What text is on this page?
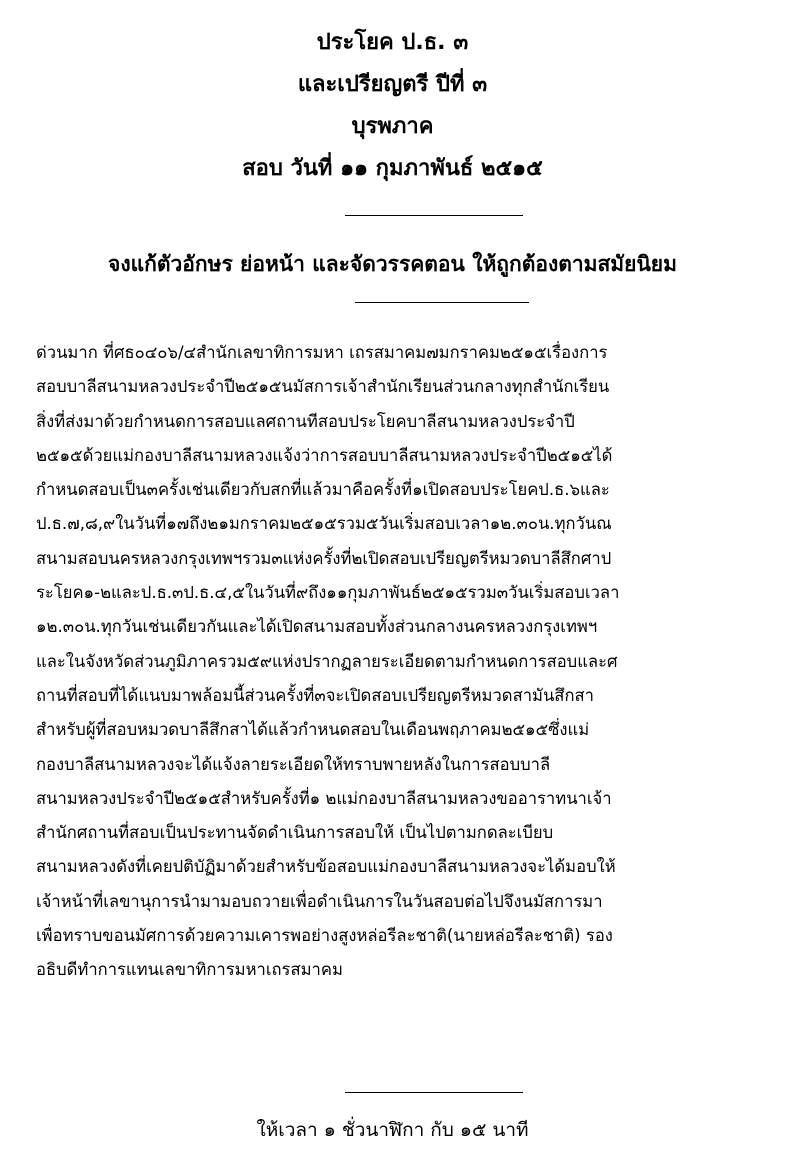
ประโยค ป.ธ. ๓
และเปรียญตรี ปีที่ ๓
บุรพภาค
สอบ วันที่ ๑๑ กุมภาพันธ์ ๒๕๑๕
จงแก้ตัวอักษร ย่อหน้า และจัดวรรคตอน ให้ถูกต้องตามสมัยนิยม
ด่วนมาก ที่ศธ๐๔๐๖/๔สำนักเลขาทิการมหา เถรสมาคม๗มกราคม๒๕๑๕เรื่องการ
สอบบาลีสนามหลวงประจำปี๒๕๑๕นมัสการเจ้าสำนักเรียนส่วนกลางทุกสำนักเรียน
สิ่งที่ส่งมาด้วยกำหนดการสอบแลศถานทีสอบประโยคบาลีสนามหลวงประจำปี
๒๕๑๕ด้วยแม่กองบาลีสนามหลวงแจ้งว่าการสอบบาลีสนามหลวงประจำปี๒๕๑๕ได้
กำหนดสอบเป็น๓ครั้งเช่นเดียวกับสกที่แล้วมาคือครั้งที่๑เปิดสอบประโยคป.ธ.๖และ
ป.ธ.๗,๘,๙ในวันที่๑๗ถึง๒๑มกราคม๒๕๑๕รวม๕วันเริ่มสอบเวลา๑๒.๓๐น.ทุกวันณ
สนามสอบนครหลวงกรุงเทพฯรวม๓แห่งครั้งที่๒เปิดสอบเปรียญตรีหมวดบาลีสึกศาป
ระโยค๑-๒และป.ธ.๓ป.ธ.๔,๕ในวันที่๙ถึง๑๑กุมภาพันธ์๒๕๑๕รวม๓วันเริ่มสอบเวลา
๑๒.๓๐น.ทุกวันเช่นเดียวกันและได้เปิดสนามสอบทั้งส่วนกลางนครหลวงกรุงเทพฯ
และในจังหวัดส่วนภูมิภาครวม๕๙แห่งปรากฏลายระเอียดตามกำหนดการสอบและศ
ถานที่สอบที่ได้แนบมาพล้อมนี้ส่วนครั้งที่๓จะเปิดสอบเปรียญตรีหมวดสามันสึกสา
สำหรับผู้ที่สอบหมวดบาลีสึกสาได้แล้วกำหนดสอบในเดือนพฤภาคม๒๕๑๕ซึ่งแม่
กองบาลีสนามหลวงจะได้แจ้งลายระเอียดให้ทราบพายหลังในการสอบบาลี
สนามหลวงประจำปี๒๕๑๕สำหรับครั้งที่๑ ๒แม่กองบาลีสนามหลวงขออาราทนาเจ้า
สำนักศถานที่สอบเป็นประทานจัดดำเนินการสอบให้ เป็นไปตามกดละเบียบ
สนามหลวงดังที่เคยปติบัฏิมาด้วยสำหรับข้อสอบแม่กองบาลีสนามหลวงจะได้มอบให้
เจ้าหน้าที่เลขานุการนำมามอบถวายเพื่อดำเนินการในวันสอบต่อไปจึงนมัสการมา
เพื่อทราบขอนมัศการด้วยความเคารพอย่างสูงหล่อรีละชาติ(นายหล่อรีละชาติ) รอง
อธิบดีทำการแทนเลขาทิการมหาเถรสมาคม
ให้เวลา ๑ ชั่วนาฬิกา กับ ๑๕ นาที
